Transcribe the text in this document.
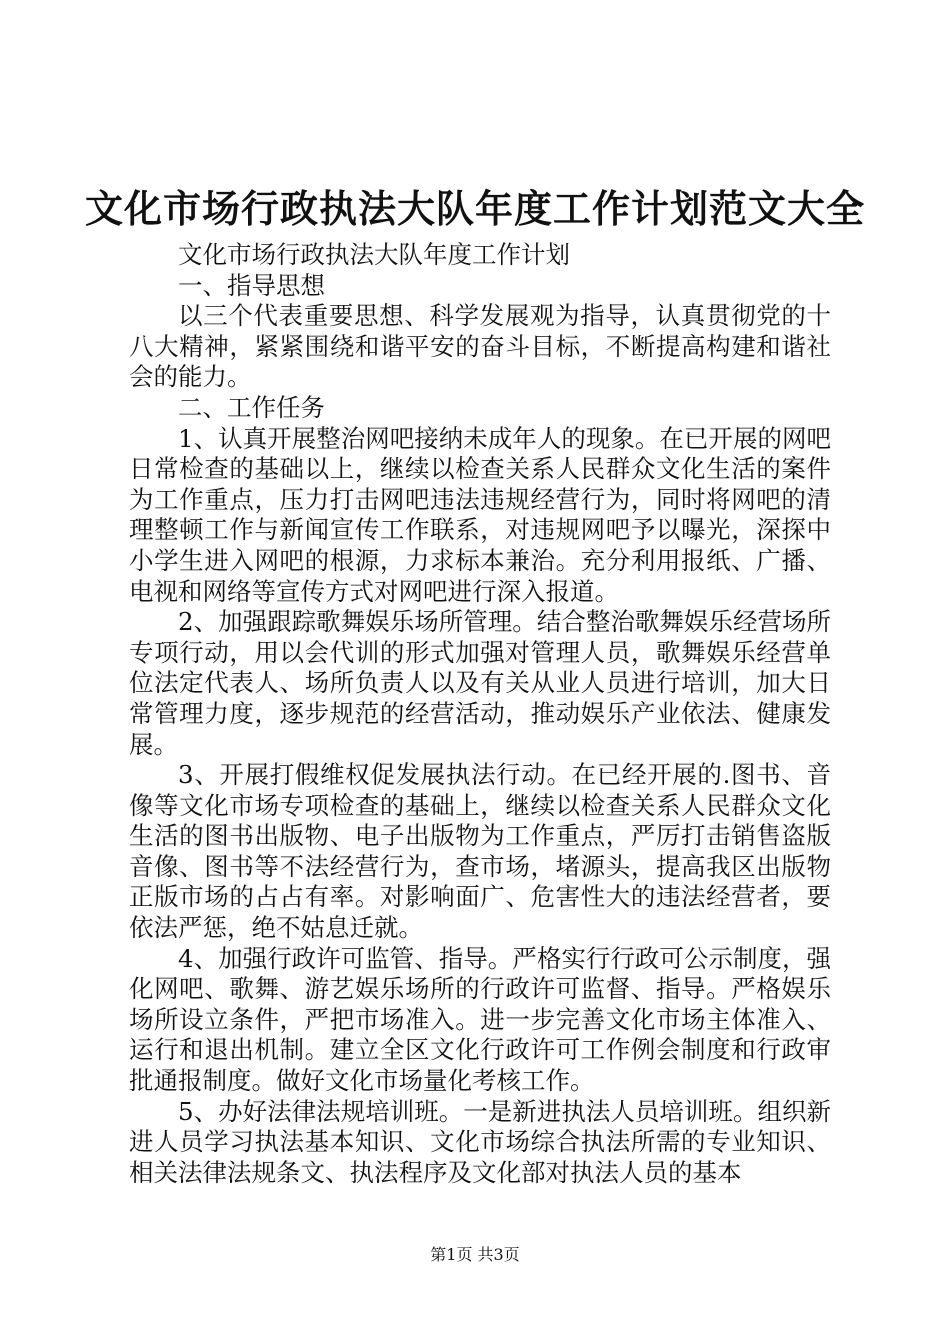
文化市场行政执法大队年度工作计划范文大全

文化市场行政执法大队年度工作计划

一、指导思想

以三个代表重要思想、科学发展观为指导，认真贯彻党的十八大精神，紧紧围绕和谐平安的奋斗目标，不断提高构建和谐社会的能力。

二、工作任务

1、认真开展整治网吧接纳未成年人的现象。在已开展的网吧日常检查的基础以上，继续以检查关系人民群众文化生活的案件为工作重点，压力打击网吧违法违规经营行为，同时将网吧的清理整顿工作与新闻宣传工作联系，对违规网吧予以曝光，深探中小学生进入网吧的根源，力求标本兼治。充分利用报纸、广播、电视和网络等宣传方式对网吧进行深入报道。

2、加强跟踪歌舞娱乐场所管理。结合整治歌舞娱乐经营场所专项行动，用以会代训的形式加强对管理人员，歌舞娱乐经营单位法定代表人、场所负责人以及有关从业人员进行培训，加大日常管理力度，逐步规范的经营活动，推动娱乐产业依法、健康发展。

3、开展打假维权促发展执法行动。在已经开展的.图书、音像等文化市场专项检查的基础上，继续以检查关系人民群众文化生活的图书出版物、电子出版物为工作重点，严厉打击销售盗版音像、图书等不法经营行为，查市场，堵源头，提高我区出版物正版市场的占占有率。对影响面广、危害性大的违法经营者，要依法严惩，绝不姑息迁就。

4、加强行政许可监管、指导。严格实行行政可公示制度，强化网吧、歌舞、游艺娱乐场所的行政许可监督、指导。严格娱乐场所设立条件，严把市场准入。进一步完善文化市场主体准入、运行和退出机制。建立全区文化行政许可工作例会制度和行政审批通报制度。做好文化市场量化考核工作。

5、办好法律法规培训班。一是新进执法人员培训班。组织新进人员学习执法基本知识、文化市场综合执法所需的专业知识、相关法律法规条文、执法程序及文化部对执法人员的基本

第1页 共3页
